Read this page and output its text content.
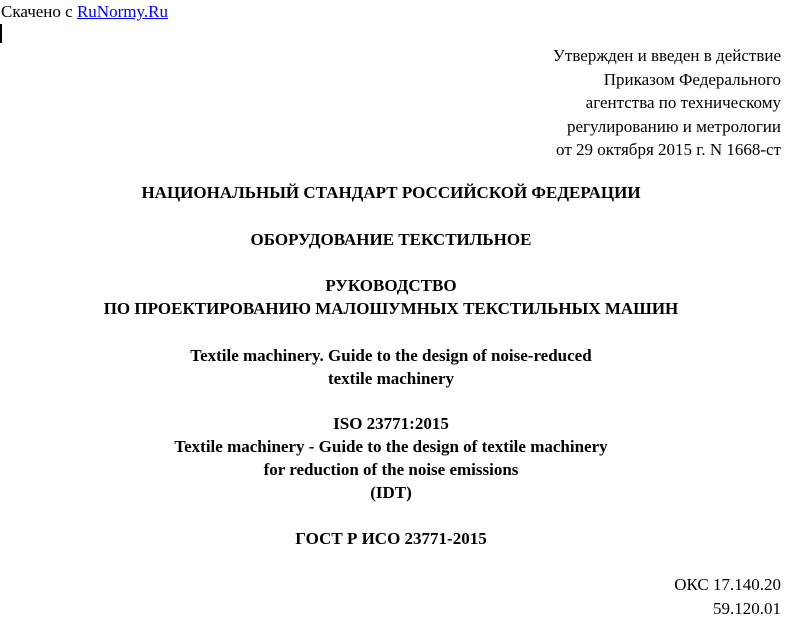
Скачено с RuNormy.Ru
Утвержден и введен в действие
Приказом Федерального
агентства по техническому
регулированию и метрологии
от 29 октября 2015 г. N 1668-ст
НАЦИОНАЛЬНЫЙ СТАНДАРТ РОССИЙСКОЙ ФЕДЕРАЦИИ
ОБОРУДОВАНИЕ ТЕКСТИЛЬНОЕ
РУКОВОДСТВО
ПО ПРОЕКТИРОВАНИЮ МАЛОШУМНЫХ ТЕКСТИЛЬНЫХ МАШИН
Textile machinery. Guide to the design of noise-reduced
textile machinery
ISO 23771:2015
Textile machinery - Guide to the design of textile machinery
for reduction of the noise emissions
(IDT)
ГОСТ Р ИСО 23771-2015
ОКС 17.140.20
59.120.01
